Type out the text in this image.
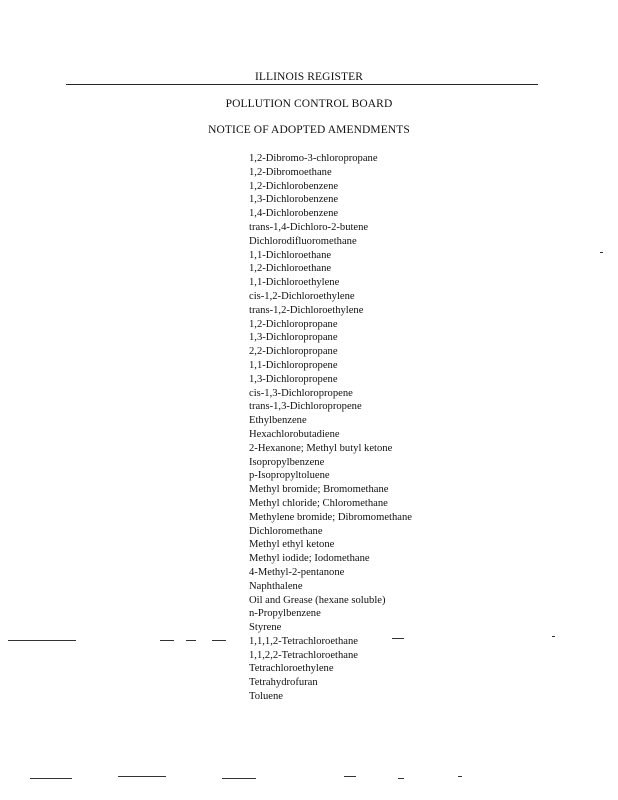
ILLINOIS REGISTER
POLLUTION CONTROL BOARD
NOTICE OF ADOPTED AMENDMENTS
1,2-Dibromo-3-chloropropane
1,2-Dibromoethane
1,2-Dichlorobenzene
1,3-Dichlorobenzene
1,4-Dichlorobenzene
trans-1,4-Dichloro-2-butene
Dichlorodifluoromethane
1,1-Dichloroethane
1,2-Dichloroethane
1,1-Dichloroethylene
cis-1,2-Dichloroethylene
trans-1,2-Dichloroethylene
1,2-Dichloropropane
1,3-Dichloropropane
2,2-Dichloropropane
1,1-Dichloropropene
1,3-Dichloropropene
cis-1,3-Dichloropropene
trans-1,3-Dichloropropene
Ethylbenzene
Hexachlorobutadiene
2-Hexanone; Methyl butyl ketone
Isopropylbenzene
p-Isopropyltoluene
Methyl bromide; Bromomethane
Methyl chloride; Chloromethane
Methylene bromide; Dibromomethane
Dichloromethane
Methyl ethyl ketone
Methyl iodide; Iodomethane
4-Methyl-2-pentanone
Naphthalene
Oil and Grease (hexane soluble)
n-Propylbenzene
Styrene
1,1,1,2-Tetrachloroethane
1,1,2,2-Tetrachloroethane
Tetrachloroethylene
Tetrahydrofuran
Toluene
